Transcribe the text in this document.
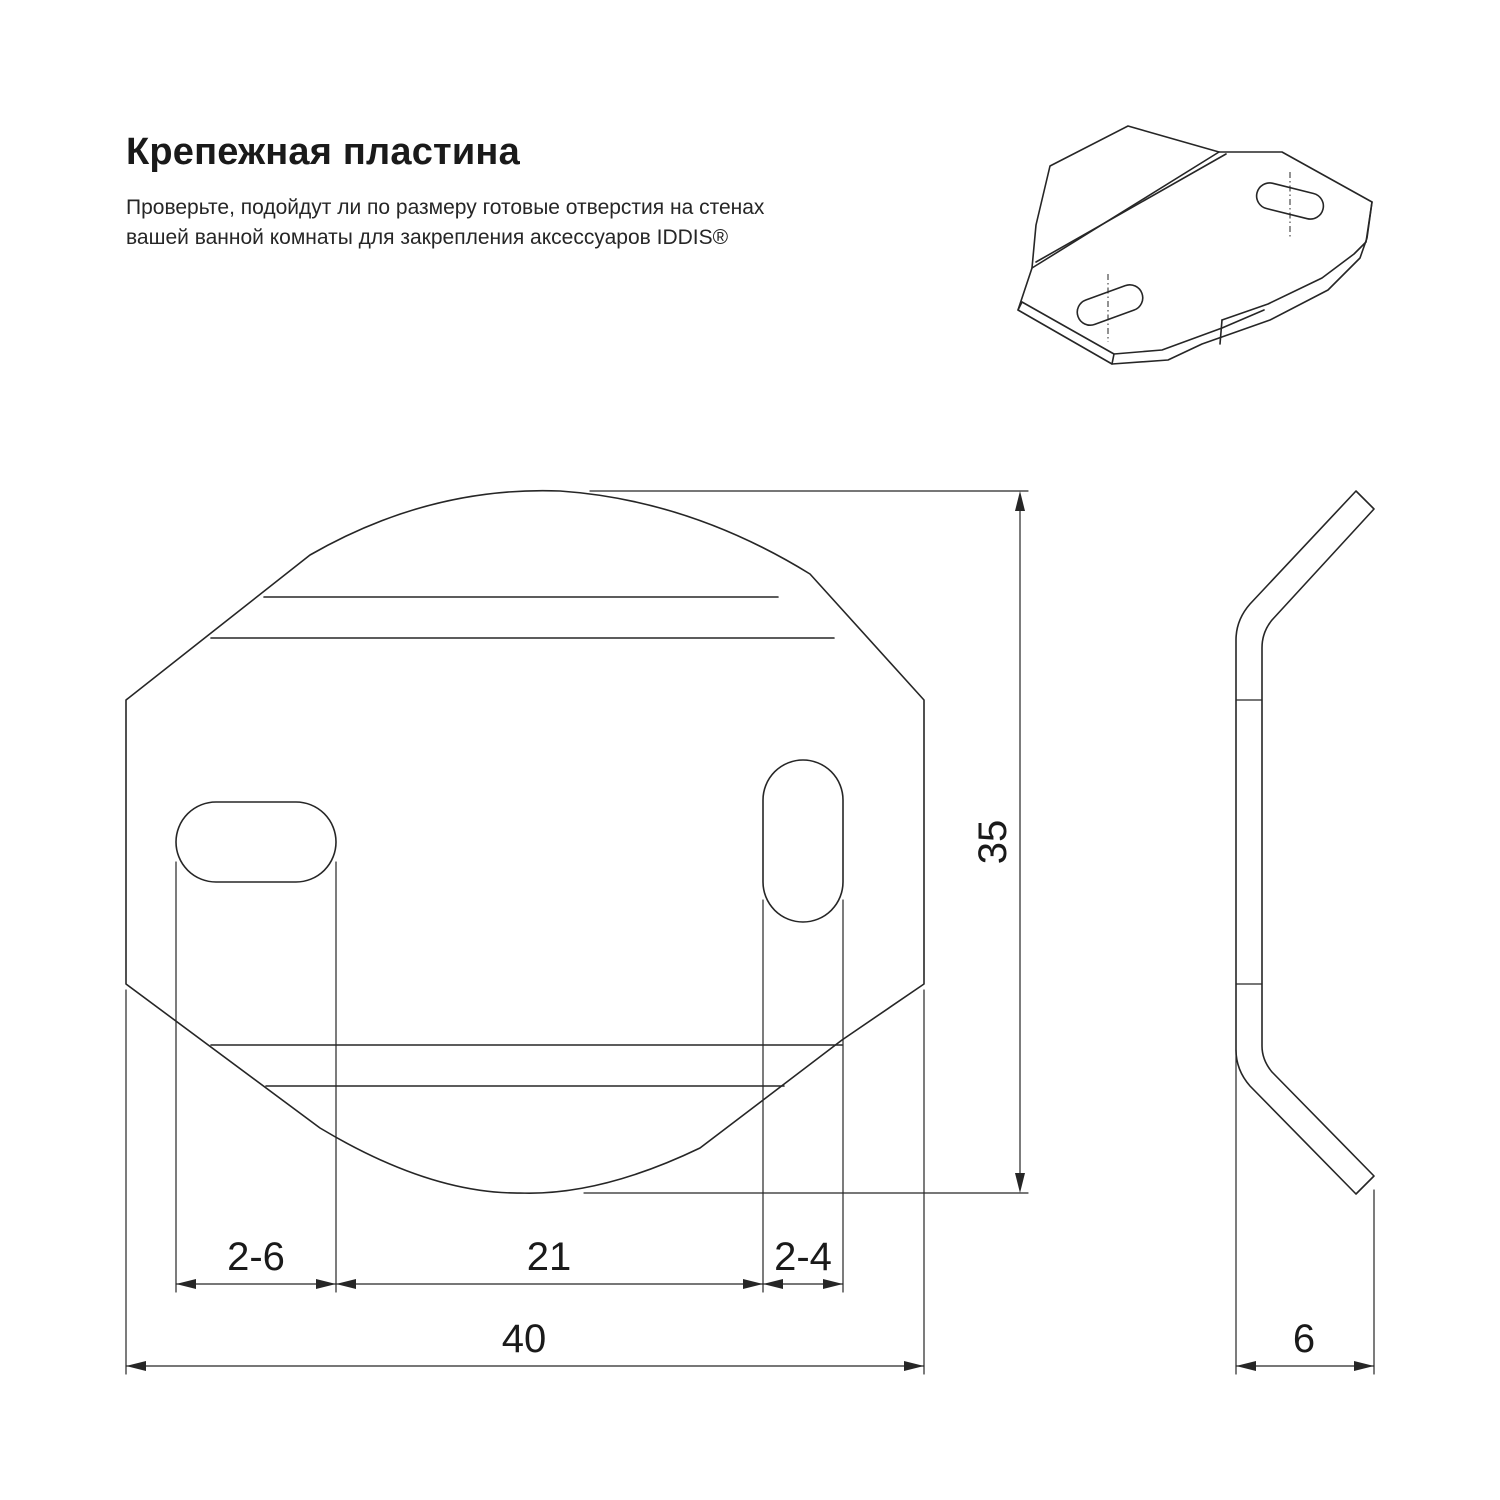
Крепежная пластина

Проверьте, подойдут ли по размеру готовые отверстия на стенах
вашей ванной комнаты для закрепления аксессуаров IDDIS®

35
2-6	21	2-4
40	6
